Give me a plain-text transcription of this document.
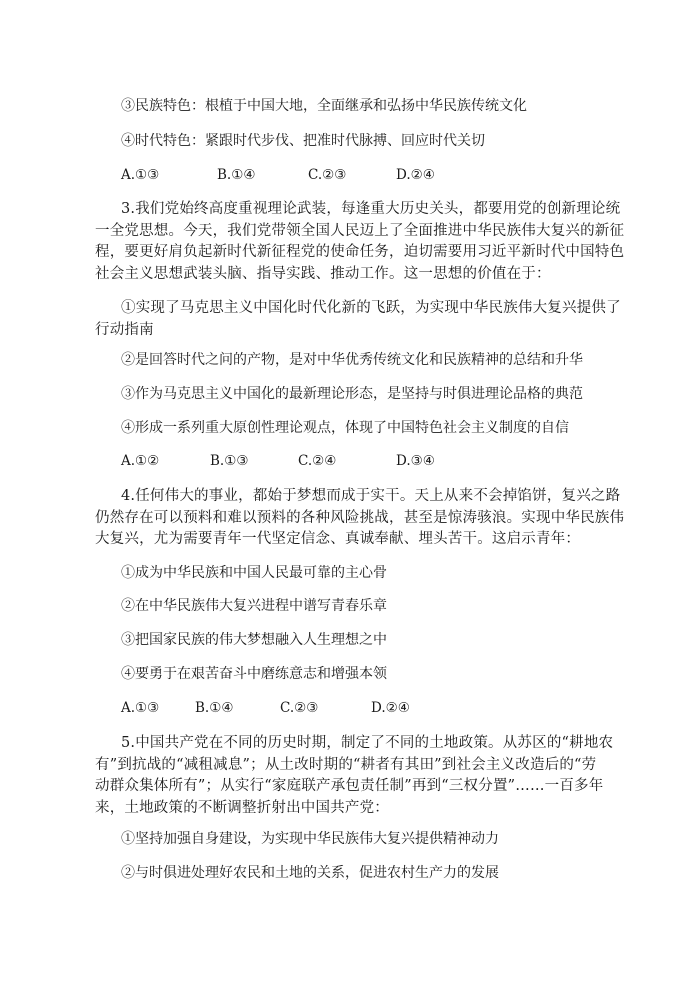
③民族特色：根植于中国大地，全面继承和弘扬中华民族传统文化
④时代特色：紧跟时代步伐、把准时代脉搏、回应时代关切
A.①③	B.①④	C.②③	D.②④
3.我们党始终高度重视理论武装，每逢重大历史关头，都要用党的创新理论统
一全党思想。今天，我们党带领全国人民迈上了全面推进中华民族伟大复兴的新征
程，要更好肩负起新时代新征程党的使命任务，迫切需要用习近平新时代中国特色
社会主义思想武装头脑、指导实践、推动工作。这一思想的价值在于：
①实现了马克思主义中国化时代化新的飞跃，为实现中华民族伟大复兴提供了
行动指南
②是回答时代之问的产物，是对中华优秀传统文化和民族精神的总结和升华
③作为马克思主义中国化的最新理论形态，是坚持与时俱进理论品格的典范
④形成一系列重大原创性理论观点，体现了中国特色社会主义制度的自信
A.①②	B.①③	C.②④	D.③④
4.任何伟大的事业，都始于梦想而成于实干。天上从来不会掉馅饼，复兴之路
仍然存在可以预料和难以预料的各种风险挑战，甚至是惊涛骇浪。实现中华民族伟
大复兴，尤为需要青年一代坚定信念、真诚奉献、埋头苦干。这启示青年：
①成为中华民族和中国人民最可靠的主心骨
②在中华民族伟大复兴进程中谱写青春乐章
③把国家民族的伟大梦想融入人生理想之中
④要勇于在艰苦奋斗中磨练意志和增强本领
A.①③	B.①④	C.②③	D.②④
5.中国共产党在不同的历史时期，制定了不同的土地政策。从苏区的“耕地农
有”到抗战的“减租减息”；从土改时期的“耕者有其田”到社会主义改造后的“劳
动群众集体所有”；从实行“家庭联产承包责任制”再到“三权分置”……一百多年
来，土地政策的不断调整折射出中国共产党：
①坚持加强自身建设，为实现中华民族伟大复兴提供精神动力
②与时俱进处理好农民和土地的关系，促进农村生产力的发展
